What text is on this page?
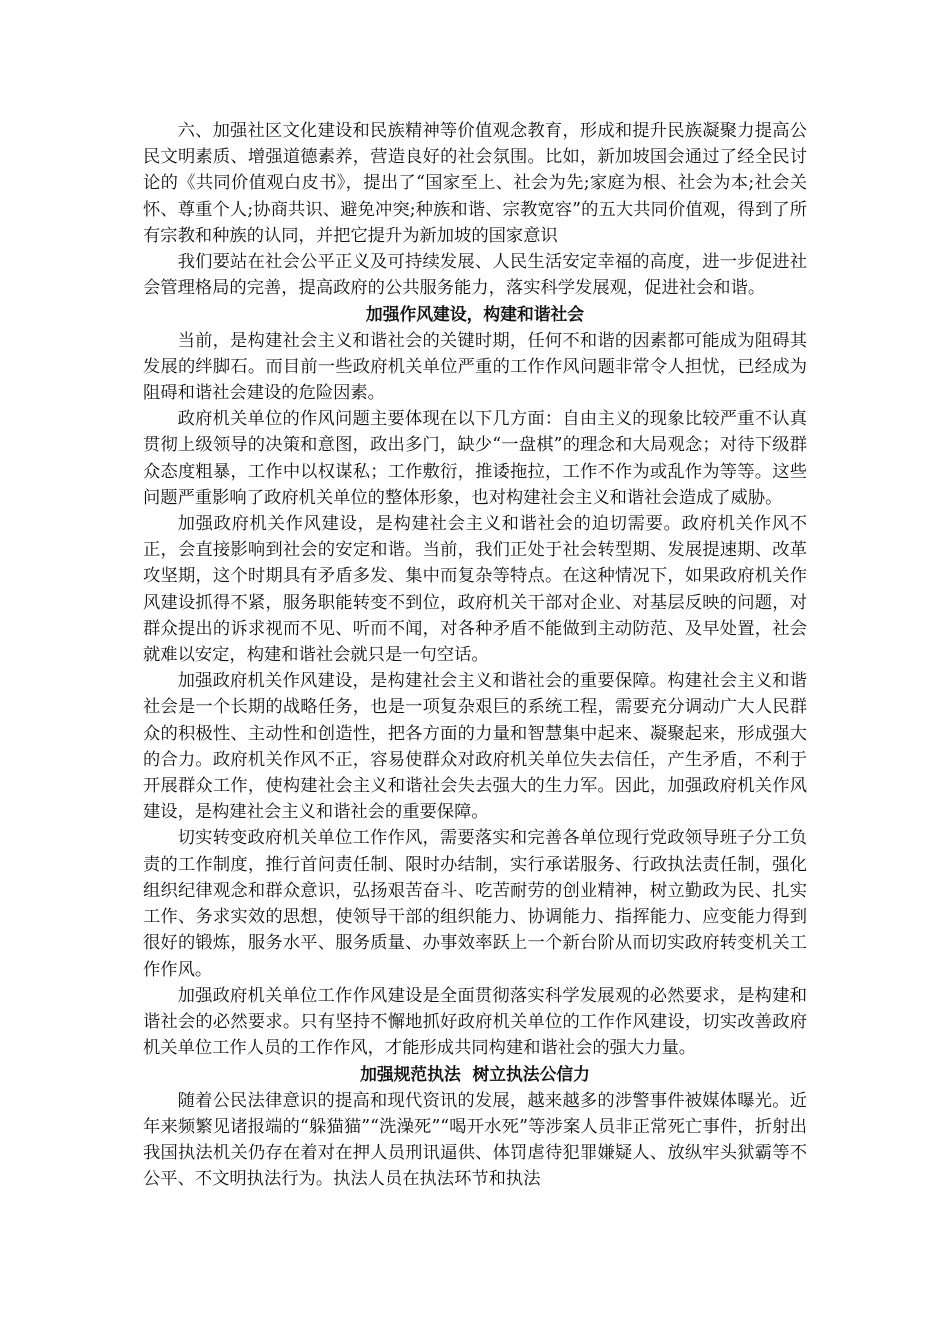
六、加强社区文化建设和民族精神等价值观念教育，形成和提升民族凝聚力提高公民文明素质、增强道德素养，营造良好的社会氛围。比如，新加坡国会通过了经全民讨论的《共同价值观白皮书》，提出了“国家至上、社会为先;家庭为根、社会为本;社会关怀、尊重个人;协商共识、避免冲突;种族和谐、宗教宽容”的五大共同价值观，得到了所有宗教和种族的认同，并把它提升为新加坡的国家意识

我们要站在社会公平正义及可持续发展、人民生活安定幸福的高度，进一步促进社会管理格局的完善，提高政府的公共服务能力，落实科学发展观，促进社会和谐。

加强作风建设，构建和谐社会

当前，是构建社会主义和谐社会的关键时期，任何不和谐的因素都可能成为阻碍其发展的绊脚石。而目前一些政府机关单位严重的工作作风问题非常令人担忧，已经成为阻碍和谐社会建设的危险因素。

政府机关单位的作风问题主要体现在以下几方面：自由主义的现象比较严重不认真贯彻上级领导的决策和意图，政出多门，缺少“一盘棋”的理念和大局观念；对待下级群众态度粗暴，工作中以权谋私；工作敷衍，推诿拖拉，工作不作为或乱作为等等。这些问题严重影响了政府机关单位的整体形象，也对构建社会主义和谐社会造成了威胁。

加强政府机关作风建设，是构建社会主义和谐社会的迫切需要。政府机关作风不正，会直接影响到社会的安定和谐。当前，我们正处于社会转型期、发展提速期、改革攻坚期，这个时期具有矛盾多发、集中而复杂等特点。在这种情况下，如果政府机关作风建设抓得不紧，服务职能转变不到位，政府机关干部对企业、对基层反映的问题，对群众提出的诉求视而不见、听而不闻，对各种矛盾不能做到主动防范、及早处置，社会就难以安定，构建和谐社会就只是一句空话。

加强政府机关作风建设，是构建社会主义和谐社会的重要保障。构建社会主义和谐社会是一个长期的战略任务，也是一项复杂艰巨的系统工程，需要充分调动广大人民群众的积极性、主动性和创造性，把各方面的力量和智慧集中起来、凝聚起来，形成强大的合力。政府机关作风不正，容易使群众对政府机关单位失去信任，产生矛盾，不利于开展群众工作，使构建社会主义和谐社会失去强大的生力军。因此，加强政府机关作风建设，是构建社会主义和谐社会的重要保障。

切实转变政府机关单位工作作风，需要落实和完善各单位现行党政领导班子分工负责的工作制度，推行首问责任制、限时办结制，实行承诺服务、行政执法责任制，强化组织纪律观念和群众意识，弘扬艰苦奋斗、吃苦耐劳的创业精神，树立勤政为民、扎实工作、务求实效的思想，使领导干部的组织能力、协调能力、指挥能力、应变能力得到很好的锻炼，服务水平、服务质量、办事效率跃上一个新台阶从而切实政府转变机关工作作风。

加强政府机关单位工作作风建设是全面贯彻落实科学发展观的必然要求，是构建和谐社会的必然要求。只有坚持不懈地抓好政府机关单位的工作作风建设，切实改善政府机关单位工作人员的工作作风，才能形成共同构建和谐社会的强大力量。

加强规范执法  树立执法公信力

随着公民法律意识的提高和现代资讯的发展，越来越多的涉警事件被媒体曝光。近年来频繁见诸报端的“躲猫猫”“洗澡死”“喝开水死”等涉案人员非正常死亡事件，折射出我国执法机关仍存在着对在押人员刑讯逼供、体罚虐待犯罪嫌疑人、放纵牢头狱霸等不公平、不文明执法行为。执法人员在执法环节和执法
